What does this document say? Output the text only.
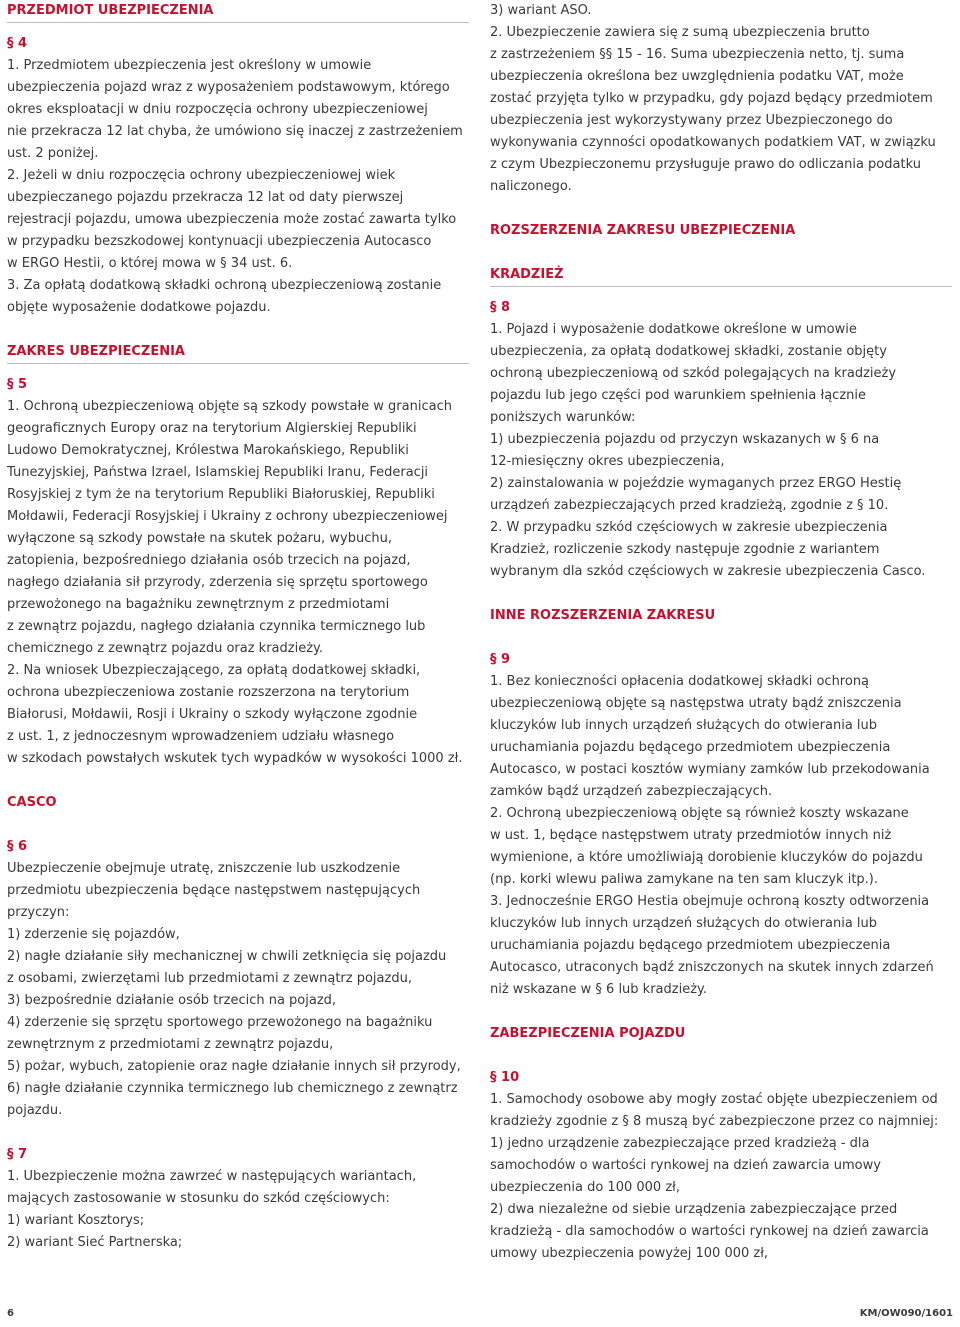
PRZEDMIOT UBEZPIECZENIA
§ 4
1. Przedmiotem ubezpieczenia jest określony w umowie
ubezpieczenia pojazd wraz z wyposażeniem podstawowym, którego
okres eksploatacji w dniu rozpoczęcia ochrony ubezpieczeniowej
nie przekracza 12 lat chyba, że umówiono się inaczej z zastrzeżeniem
ust. 2 poniżej.
2. Jeżeli w dniu rozpoczęcia ochrony ubezpieczeniowej wiek
ubezpieczanego pojazdu przekracza 12 lat od daty pierwszej
rejestracji pojazdu, umowa ubezpieczenia może zostać zawarta tylko
w przypadku bezszkodowej kontynuacji ubezpieczenia Autocasco
w ERGO Hestii, o której mowa w § 34 ust. 6.
3. Za opłatą dodatkową składki ochroną ubezpieczeniową zostanie
objęte wyposażenie dodatkowe pojazdu.
ZAKRES UBEZPIECZENIA
§ 5
1. Ochroną ubezpieczeniową objęte są szkody powstałe w granicach
geograficznych Europy oraz na terytorium Algierskiej Republiki
Ludowo Demokratycznej, Królestwa Marokańskiego, Republiki
Tunezyjskiej, Państwa Izrael, Islamskiej Republiki Iranu, Federacji
Rosyjskiej z tym że na terytorium Republiki Białoruskiej, Republiki
Mołdawii, Federacji Rosyjskiej i Ukrainy z ochrony ubezpieczeniowej
wyłączone są szkody powstałe na skutek pożaru, wybuchu,
zatopienia, bezpośredniego działania osób trzecich na pojazd,
nagłego działania sił przyrody, zderzenia się sprzętu sportowego
przewożonego na bagażniku zewnętrznym z przedmiotami
z zewnątrz pojazdu, nagłego działania czynnika termicznego lub
chemicznego z zewnątrz pojazdu oraz kradzieży.
2. Na wniosek Ubezpieczającego, za opłatą dodatkowej składki,
ochrona ubezpieczeniowa zostanie rozszerzona na terytorium
Białorusi, Mołdawii, Rosji i Ukrainy o szkody wyłączone zgodnie
z ust. 1, z jednoczesnym wprowadzeniem udziału własnego
w szkodach powstałych wskutek tych wypadków w wysokości 1000 zł.
CASCO
§ 6
Ubezpieczenie obejmuje utratę, zniszczenie lub uszkodzenie
przedmiotu ubezpieczenia będące następstwem następujących
przyczyn:
1) zderzenie się pojazdów,
2) nagłe działanie siły mechanicznej w chwili zetknięcia się pojazdu
z osobami, zwierzętami lub przedmiotami z zewnątrz pojazdu,
3) bezpośrednie działanie osób trzecich na pojazd,
4) zderzenie się sprzętu sportowego przewożonego na bagażniku
zewnętrznym z przedmiotami z zewnątrz pojazdu,
5) pożar, wybuch, zatopienie oraz nagłe działanie innych sił przyrody,
6) nagłe działanie czynnika termicznego lub chemicznego z zewnątrz
pojazdu.
§ 7
1. Ubezpieczenie można zawrzeć w następujących wariantach,
mających zastosowanie w stosunku do szkód częściowych:
1) wariant Kosztorys;
2) wariant Sieć Partnerska;
3) wariant ASO.
2. Ubezpieczenie zawiera się z sumą ubezpieczenia brutto
z zastrzeżeniem §§ 15 - 16. Suma ubezpieczenia netto, tj. suma
ubezpieczenia określona bez uwzględnienia podatku VAT, może
zostać przyjęta tylko w przypadku, gdy pojazd będący przedmiotem
ubezpieczenia jest wykorzystywany przez Ubezpieczonego do
wykonywania czynności opodatkowanych podatkiem VAT, w związku
z czym Ubezpieczonemu przysługuje prawo do odliczania podatku
naliczonego.
ROZSZERZENIA ZAKRESU UBEZPIECZENIA
KRADZIEŻ
§ 8
1. Pojazd i wyposażenie dodatkowe określone w umowie
ubezpieczenia, za opłatą dodatkowej składki, zostanie objęty
ochroną ubezpieczeniową od szkód polegających na kradzieży
pojazdu lub jego części pod warunkiem spełnienia łącznie
poniższych warunków:
1) ubezpieczenia pojazdu od przyczyn wskazanych w § 6 na
12-miesięczny okres ubezpieczenia,
2) zainstalowania w pojeździe wymaganych przez ERGO Hestię
urządzeń zabezpieczających przed kradzieżą, zgodnie z § 10.
2. W przypadku szkód częściowych w zakresie ubezpieczenia
Kradzież, rozliczenie szkody następuje zgodnie z wariantem
wybranym dla szkód częściowych w zakresie ubezpieczenia Casco.
INNE ROZSZERZENIA ZAKRESU
§ 9
1. Bez konieczności opłacenia dodatkowej składki ochroną
ubezpieczeniową objęte są następstwa utraty bądź zniszczenia
kluczyków lub innych urządzeń służących do otwierania lub
uruchamiania pojazdu będącego przedmiotem ubezpieczenia
Autocasco, w postaci kosztów wymiany zamków lub przekodowania
zamków bądź urządzeń zabezpieczających.
2. Ochroną ubezpieczeniową objęte są również koszty wskazane
w ust. 1, będące następstwem utraty przedmiotów innych niż
wymienione, a które umożliwiają dorobienie kluczyków do pojazdu
(np. korki wlewu paliwa zamykane na ten sam kluczyk itp.).
3. Jednocześnie ERGO Hestia obejmuje ochroną koszty odtworzenia
kluczyków lub innych urządzeń służących do otwierania lub
uruchamiania pojazdu będącego przedmiotem ubezpieczenia
Autocasco, utraconych bądź zniszczonych na skutek innych zdarzeń
niż wskazane w § 6 lub kradzieży.
ZABEZPIECZENIA POJAZDU
§ 10
1. Samochody osobowe aby mogły zostać objęte ubezpieczeniem od
kradzieży zgodnie z § 8 muszą być zabezpieczone przez co najmniej:
1) jedno urządzenie zabezpieczające przed kradzieżą - dla
samochodów o wartości rynkowej na dzień zawarcia umowy
ubezpieczenia do 100 000 zł,
2) dwa niezależne od siebie urządzenia zabezpieczające przed
kradzieżą - dla samochodów o wartości rynkowej na dzień zawarcia
umowy ubezpieczenia powyżej 100 000 zł,
6	KM/OW090/1601
